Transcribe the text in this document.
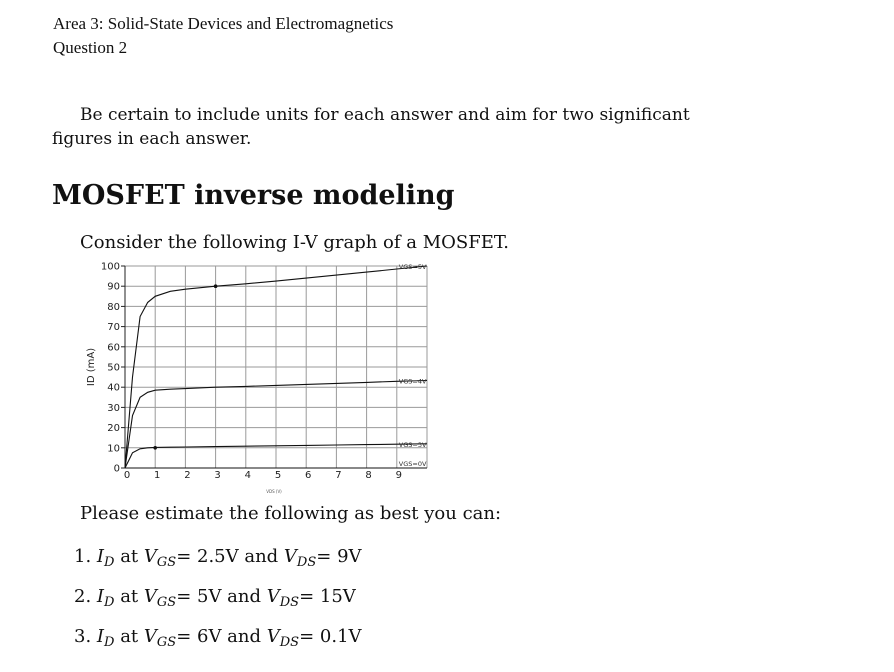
Area 3: Solid-State Devices and Electromagnetics
Question 2
Be certain to include units for each answer and aim for two significant figures in each answer.
MOSFET inverse modeling
Consider the following I-V graph of a MOSFET.
0
10
20
30
40
50
60
70
80
90
100
0 1 2 3 4 5 6 7 8 9
ID (mA)
VDS (V)
VGS=5V
VGS=4V
VGS=3V
VGS=0V
Please estimate the following as best you can:
1. $I_D$ at $V_{GS}= 2.5V$ and $V_{DS}= 9V$
2. $I_D$ at $V_{GS}= 5V$ and $V_{DS}= 15V$
3. $I_D$ at $V_{GS}= 6V$ and $V_{DS}= 0.1V$
